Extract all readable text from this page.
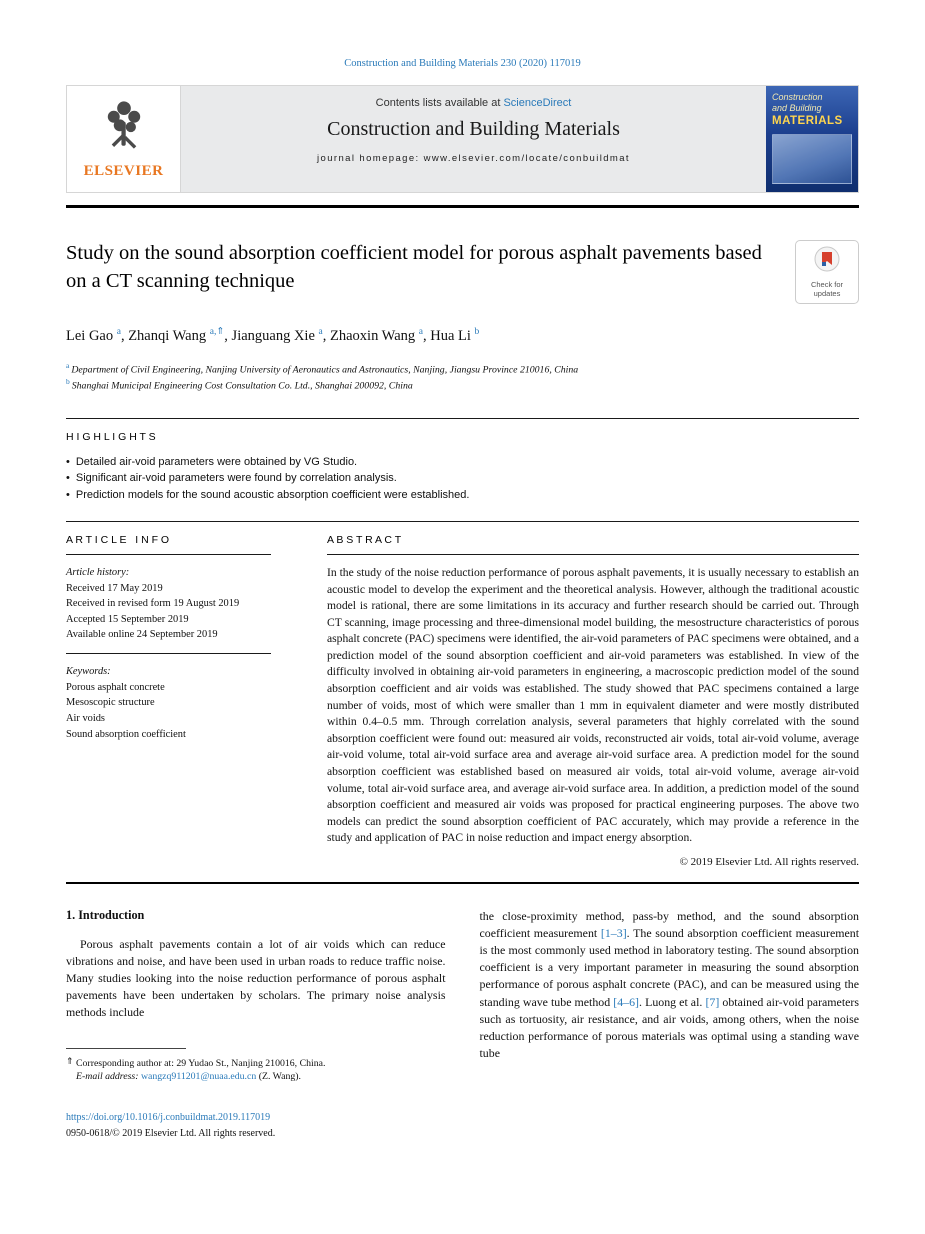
Construction and Building Materials 230 (2020) 117019
ELSEVIER
Contents lists available at ScienceDirect
Construction and Building Materials
journal homepage: www.elsevier.com/locate/conbuildmat
Construction
and Building
MATERIALS
Study on the sound absorption coefficient model for porous asphalt pavements based on a CT scanning technique	Check for
updates
Lei Gao $^a$, Zhanqi Wang $^{a,⇑}$, Jianguang Xie $^a$, Zhaoxin Wang $^a$, Hua Li $^b$
$^a$ Department of Civil Engineering, Nanjing University of Aeronautics and Astronautics, Nanjing, Jiangsu Province 210016, China
$^b$ Shanghai Municipal Engineering Cost Consultation Co. Ltd., Shanghai 200092, China
H I G H L I G H T S
• Detailed air-void parameters were obtained by VG Studio.
• Significant air-void parameters were found by correlation analysis.
• Prediction models for the sound acoustic absorption coefficient were established.
A R T I C L E   I N F O
Article history:
Received 17 May 2019
Received in revised form 19 August 2019
Accepted 15 September 2019
Available online 24 September 2019
Keywords:
Porous asphalt concrete
Mesoscopic structure
Air voids
Sound absorption coefficient
A B S T R A C T
In the study of the noise reduction performance of porous asphalt pavements, it is usually necessary to establish an acoustic model to develop the experiment and the theoretical analysis. However, although the traditional acoustic model is rational, there are some limitations in its accuracy and further research should be carried out. Through CT scanning, image processing and three-dimensional model building, the mesostructure characteristics of porous asphalt concrete (PAC) specimens were identified, the air-void parameters of PAC specimens were obtained, and a prediction model of the sound absorption coefficient and air-void parameters was established. In view of the difficulty involved in obtaining air-void parameters in engineering, a macroscopic prediction model of the sound absorption coefficient and air voids was established. The study showed that PAC specimens contained a large number of voids, most of which were smaller than 1 mm in equivalent diameter and were mostly distributed within 0.4–0.5 mm. Through correlation analysis, several parameters that highly correlated with the sound absorption coefficient were found out: measured air voids, reconstructed air voids, total air-void volume, average air-void volume, total air-void surface area and average air-void surface area. A prediction model for the sound absorption coefficient was established based on measured air voids, total air-void volume, average air-void volume, total air-void surface area, and average air-void surface area. In addition, a prediction model of the sound absorption coefficient and measured air voids was proposed for practical engineering purposes. The above two models can predict the sound absorption coefficient of PAC accurately, which may provide a reference in the study and application of PAC in noise reduction and impact energy absorption.
© 2019 Elsevier Ltd. All rights reserved.
1. Introduction
Porous asphalt pavements contain a lot of air voids which can reduce vibrations and noise, and have been used in urban roads to reduce traffic noise. Many studies looking into the noise reduction performance of porous asphalt pavements have been undertaken by scholars. The primary noise analysis methods include
⇑ Corresponding author at: 29 Yudao St., Nanjing 210016, China.
E-mail address: wangzq911201@nuaa.edu.cn (Z. Wang).
the close-proximity method, pass-by method, and the sound absorption coefficient measurement [1–3]. The sound absorption coefficient measurement is the most commonly used method in laboratory testing. The sound absorption coefficient is a very important parameter in measuring the sound absorption performance of porous asphalt concrete (PAC), and can be measured using the standing wave tube method [4–6]. Luong et al. [7] obtained air-void parameters such as tortuosity, air resistance, and air voids, among others, when the noise reduction performance of porous materials was optimal using a standing wave tube
https://doi.org/10.1016/j.conbuildmat.2019.117019
0950-0618/© 2019 Elsevier Ltd. All rights reserved.
